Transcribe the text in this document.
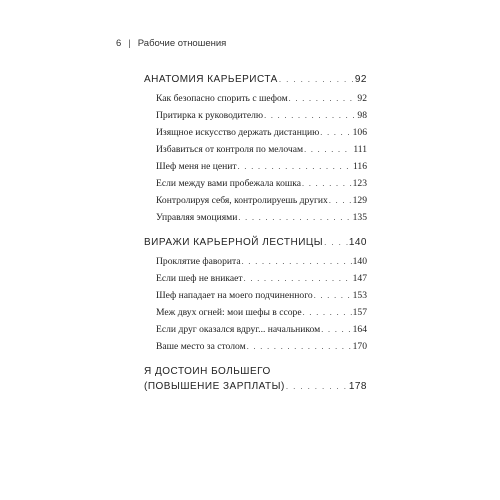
6 | Рабочие отношения
АНАТОМИЯ КАРЬЕРИСТА . . .	92
Как безопасно спорить с шефом . . .	92
Притирка к руководителю . . .	98
Изящное искусство держать дистанцию . . .	106
Избавиться от контроля по мелочам . . .	111
Шеф меня не ценит . . .	116
Если между вами пробежала кошка . . .	123
Контролируя себя, контролируешь других . . .	129
Управляя эмоциями . . .	135
ВИРАЖИ КАРЬЕРНОЙ ЛЕСТНИЦЫ . . .	140
Проклятие фаворита . . .	140
Если шеф не вникает . . .	147
Шеф нападает на моего подчиненного . . .	153
Меж двух огней: мои шефы в ссоре . . .	157
Если друг оказался вдруг... начальником . . .	164
Ваше место за столом . . .	170
Я ДОСТОИН БОЛЬШЕГО
(ПОВЫШЕНИЕ ЗАРПЛАТЫ) . . .	178
